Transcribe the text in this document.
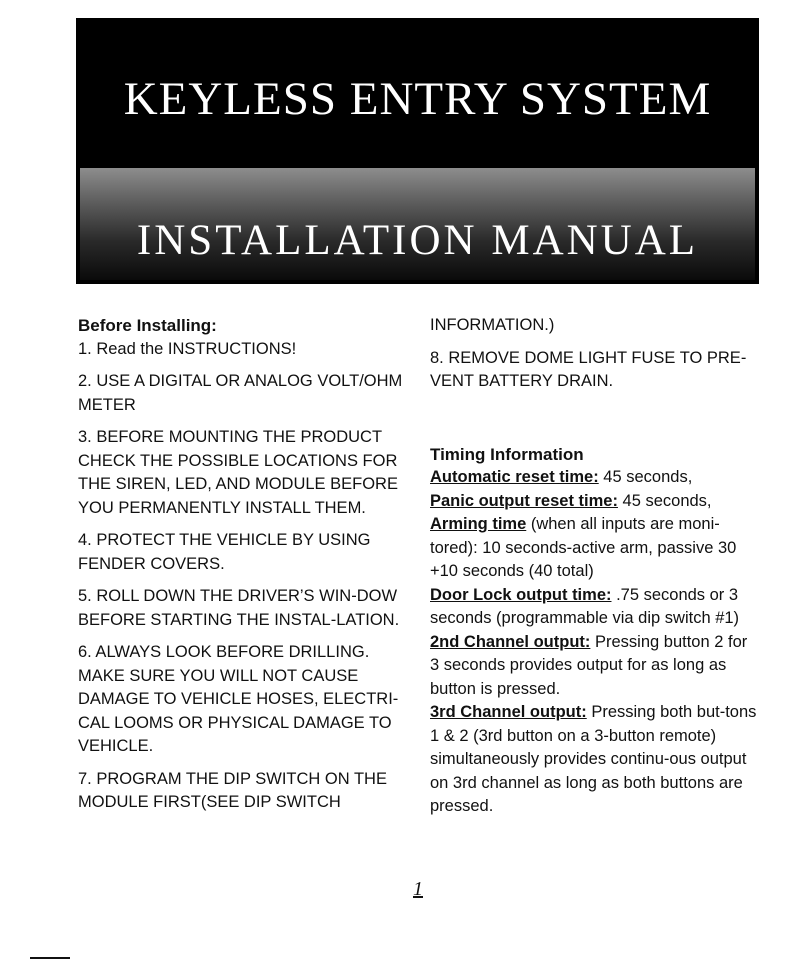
KEYLESS ENTRY SYSTEM
INSTALLATION MANUAL
Before Installing:

1. Read the INSTRUCTIONS!

2. USE A DIGITAL OR ANALOG VOLT/OHM METER

3. BEFORE MOUNTING THE PRODUCT CHECK THE POSSIBLE LOCATIONS FOR THE SIREN, LED, AND MODULE BEFORE YOU PERMANENTLY INSTALL THEM.

4. PROTECT THE VEHICLE BY USING FENDER COVERS.

5. ROLL DOWN THE DRIVER’S WIN-DOW BEFORE STARTING THE INSTAL-LATION.

6. ALWAYS LOOK BEFORE DRILLING. MAKE SURE YOU WILL NOT CAUSE DAMAGE TO VEHICLE HOSES, ELECTRI-CAL LOOMS OR PHYSICAL DAMAGE TO VEHICLE.

7. PROGRAM THE DIP SWITCH ON THE MODULE FIRST(SEE DIP SWITCH

INFORMATION.)

8. REMOVE DOME LIGHT FUSE TO PRE-VENT BATTERY DRAIN.

Timing Information

Automatic reset time: 45 seconds,

Panic output reset time: 45 seconds,

Arming time (when all inputs are moni-tored): 10 seconds-active arm, passive 30 +10 seconds (40 total)

Door Lock output time: .75 seconds or 3 seconds (programmable via dip switch #1)

2nd Channel output: Pressing button 2 for 3 seconds provides output for as long as button is pressed.

3rd Channel output: Pressing both but-tons 1 & 2 (3rd button on a 3-button remote) simultaneously provides continu-ous output on 3rd channel as long as both buttons are pressed.

1
